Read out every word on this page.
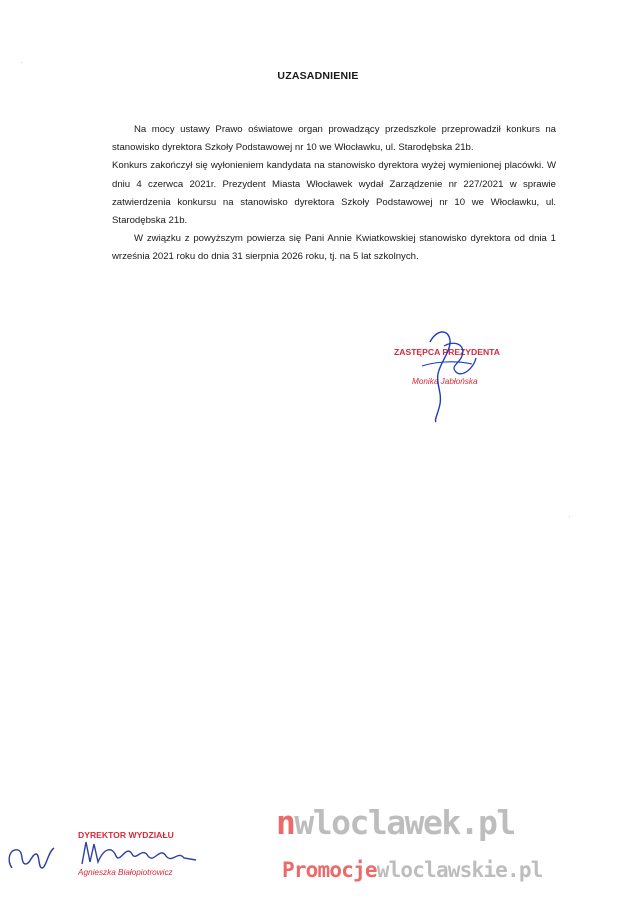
·
·
UZASADNIENIE

Na mocy ustawy Prawo oświatowe organ prowadzący przedszkole przeprowadził konkurs na stanowisko dyrektora Szkoły Podstawowej nr 10 we Włocławku, ul. Starodębska 21b.

Konkurs zakończył się wyłonieniem kandydata na stanowisko dyrektora wyżej wymienionej placówki. W dniu 4 czerwca 2021r. Prezydent Miasta Włocławek wydał Zarządzenie nr 227/2021 w sprawie zatwierdzenia konkursu na stanowisko dyrektora Szkoły Podstawowej nr 10 we Włocławku, ul. Starodębska 21b.

W związku z powyższym powierza się Pani Annie Kwiatkowskiej stanowisko dyrektora od dnia 1 września 2021 roku do dnia 31 sierpnia 2026 roku, tj. na 5 lat szkolnych.

ZASTĘPCA PREZYDENTA
Monika Jabłońska
DYREKTOR WYDZIAŁU
Agnieszka Białopiotrowicz
nwloclawek.pl
Promocjewloclawskie.pl
